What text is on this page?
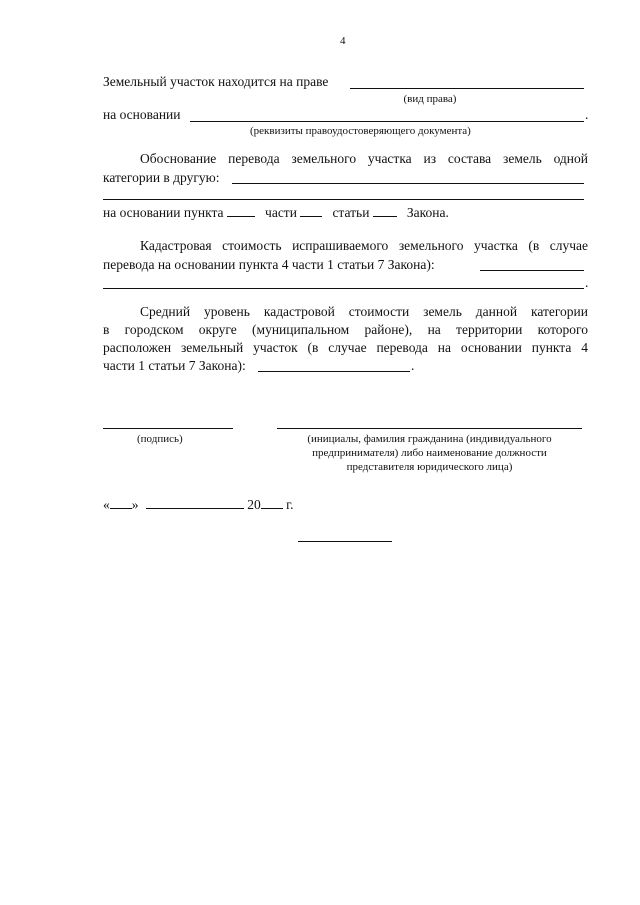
4
Земельный участок находится на праве
(вид права)
на основании	.
(реквизиты правоудостоверяющего документа)
Обоснование перевода земельного участка из состава земель одной
категории в другую:
на основании пункта	части	статьи	Закона.
Кадастровая стоимость испрашиваемого земельного участка (в случае
перевода на основании пункта 4 части 1 статьи 7 Закона):
.
Средний уровень кадастровой стоимости земель данной категории
в городском округе (муниципальном районе), на территории которого
расположен земельный участок (в случае перевода на основании пункта 4
части 1 статьи 7 Закона):	.
(подпись)	(инициалы, фамилия гражданина (индивидуального
предпринимателя) либо наименование должности
представителя юридического лица)
« »	20 г.
